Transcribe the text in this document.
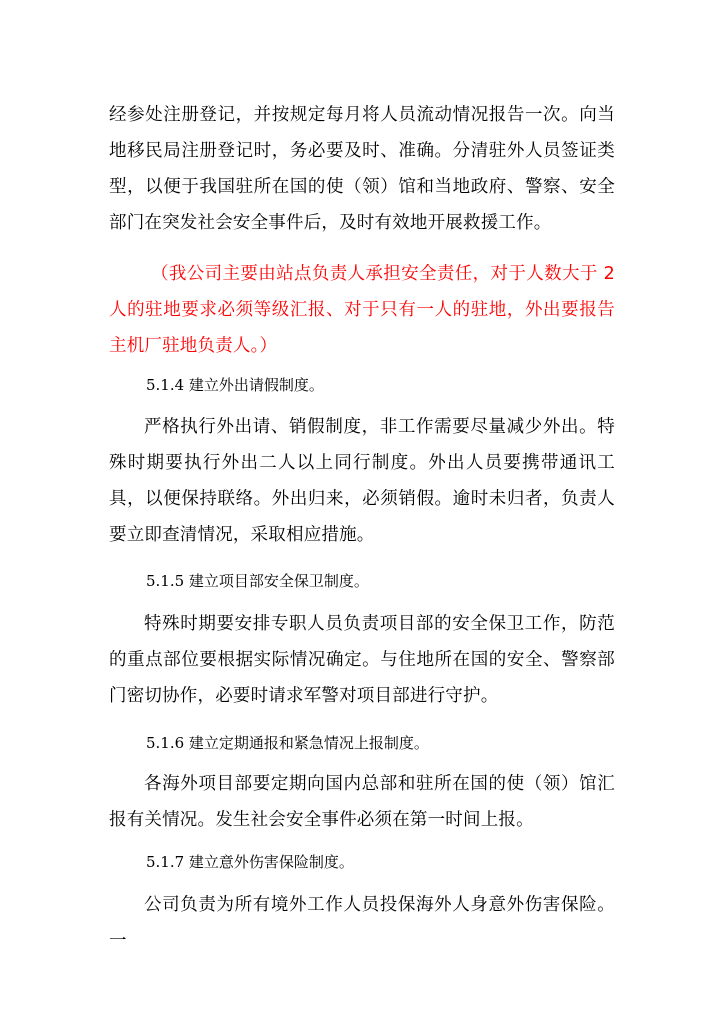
经参处注册登记，并按规定每月将人员流动情况报告一次。向当地移民局注册登记时，务必要及时、准确。分清驻外人员签证类型，以便于我国驻所在国的使（领）馆和当地政府、警察、安全部门在突发社会安全事件后，及时有效地开展救援工作。

（我公司主要由站点负责人承担安全责任，对于人数大于 2 人的驻地要求必须等级汇报、对于只有一人的驻地，外出要报告主机厂驻地负责人。）

5.1.4 建立外出请假制度。

严格执行外出请、销假制度，非工作需要尽量减少外出。特殊时期要执行外出二人以上同行制度。外出人员要携带通讯工具，以便保持联络。外出归来，必须销假。逾时未归者，负责人要立即查清情况，采取相应措施。

5.1.5 建立项目部安全保卫制度。

特殊时期要安排专职人员负责项目部的安全保卫工作，防范的重点部位要根据实际情况确定。与住地所在国的安全、警察部门密切协作，必要时请求军警对项目部进行守护。

5.1.6 建立定期通报和紧急情况上报制度。

各海外项目部要定期向国内总部和驻所在国的使（领）馆汇报有关情况。发生社会安全事件必须在第一时间上报。

5.1.7 建立意外伤害保险制度。

公司负责为所有境外工作人员投保海外人身意外伤害保险。一
